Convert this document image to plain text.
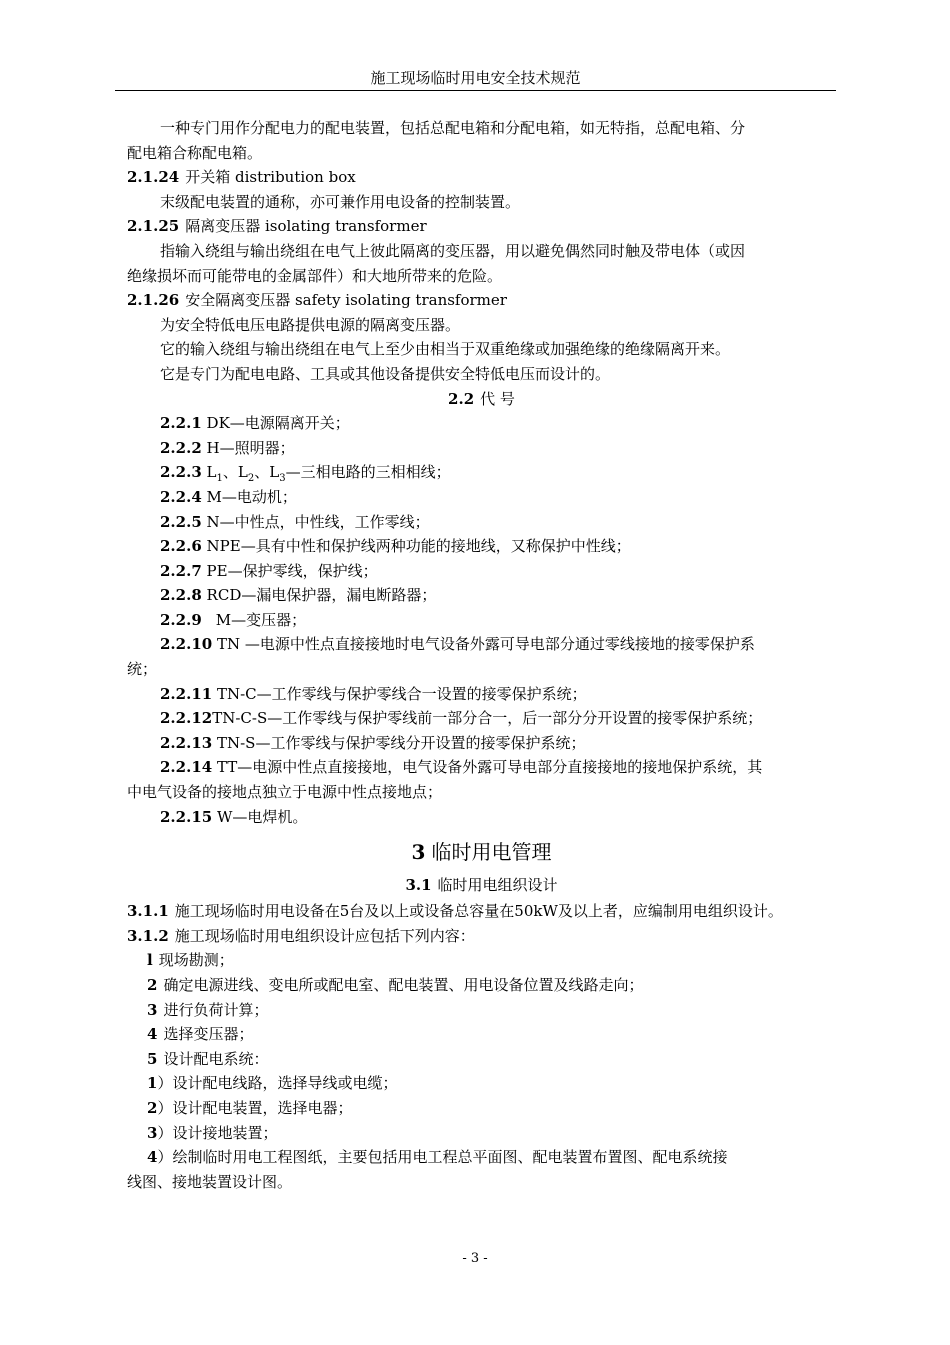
施工现场临时用电安全技术规范
一种专门用作分配电力的配电装置，包括总配电箱和分配电箱，如无特指，总配电箱、分
配电箱合称配电箱。
2.1.24 开关箱 distribution box
末级配电装置的通称，亦可兼作用电设备的控制装置。
2.1.25 隔离变压器 isolating transformer
指输入绕组与输出绕组在电气上彼此隔离的变压器，用以避免偶然同时触及带电体（或因
绝缘损坏而可能带电的金属部件）和大地所带来的危险。
2.1.26 安全隔离变压器 safety isolating transformer
为安全特低电压电路提供电源的隔离变压器。
它的输入绕组与输出绕组在电气上至少由相当于双重绝缘或加强绝缘的绝缘隔离开来。
它是专门为配电电路、工具或其他设备提供安全特低电压而设计的。
2.2 代 号
2.2.1 DK—电源隔离开关；
2.2.2 H—照明器；
2.2.3 $L_1$、$L_2$、$L_3—$三相电路的三相相线；
2.2.4 M—电动机；
2.2.5 N—中性点，中性线，工作零线；
2.2.6 NPE—具有中性和保护线两种功能的接地线，又称保护中性线；
2.2.7 PE—保护零线，保护线；
2.2.8 RCD—漏电保护器，漏电断路器；
2.2.9 M—变压器；
2.2.10 TN —电源中性点直接接地时电气设备外露可导电部分通过零线接地的接零保护系
统；
2.2.11 TN-C—工作零线与保护零线合一设置的接零保护系统；
2.2.12TN-C-S—工作零线与保护零线前一部分合一，后一部分分开设置的接零保护系统；
2.2.13 TN-S—工作零线与保护零线分开设置的接零保护系统；
2.2.14 TT—电源中性点直接接地，电气设备外露可导电部分直接接地的接地保护系统，其
中电气设备的接地点独立于电源中性点接地点；
2.2.15 W—电焊机。
3 临时用电管理
3.1 临时用电组织设计
3.1.1 施工现场临时用电设备在5台及以上或设备总容量在50kW及以上者，应编制用电组织设计。
3.1.2 施工现场临时用电组织设计应包括下列内容：
l 现场勘测；
2 确定电源进线、变电所或配电室、配电装置、用电设备位置及线路走向；
3 进行负荷计算；
4 选择变压器；
5 设计配电系统：
1）设计配电线路，选择导线或电缆；
2）设计配电装置，选择电器；
3）设计接地装置；
4）绘制临时用电工程图纸，主要包括用电工程总平面图、配电装置布置图、配电系统接
线图、接地装置设计图。
- 3 -
